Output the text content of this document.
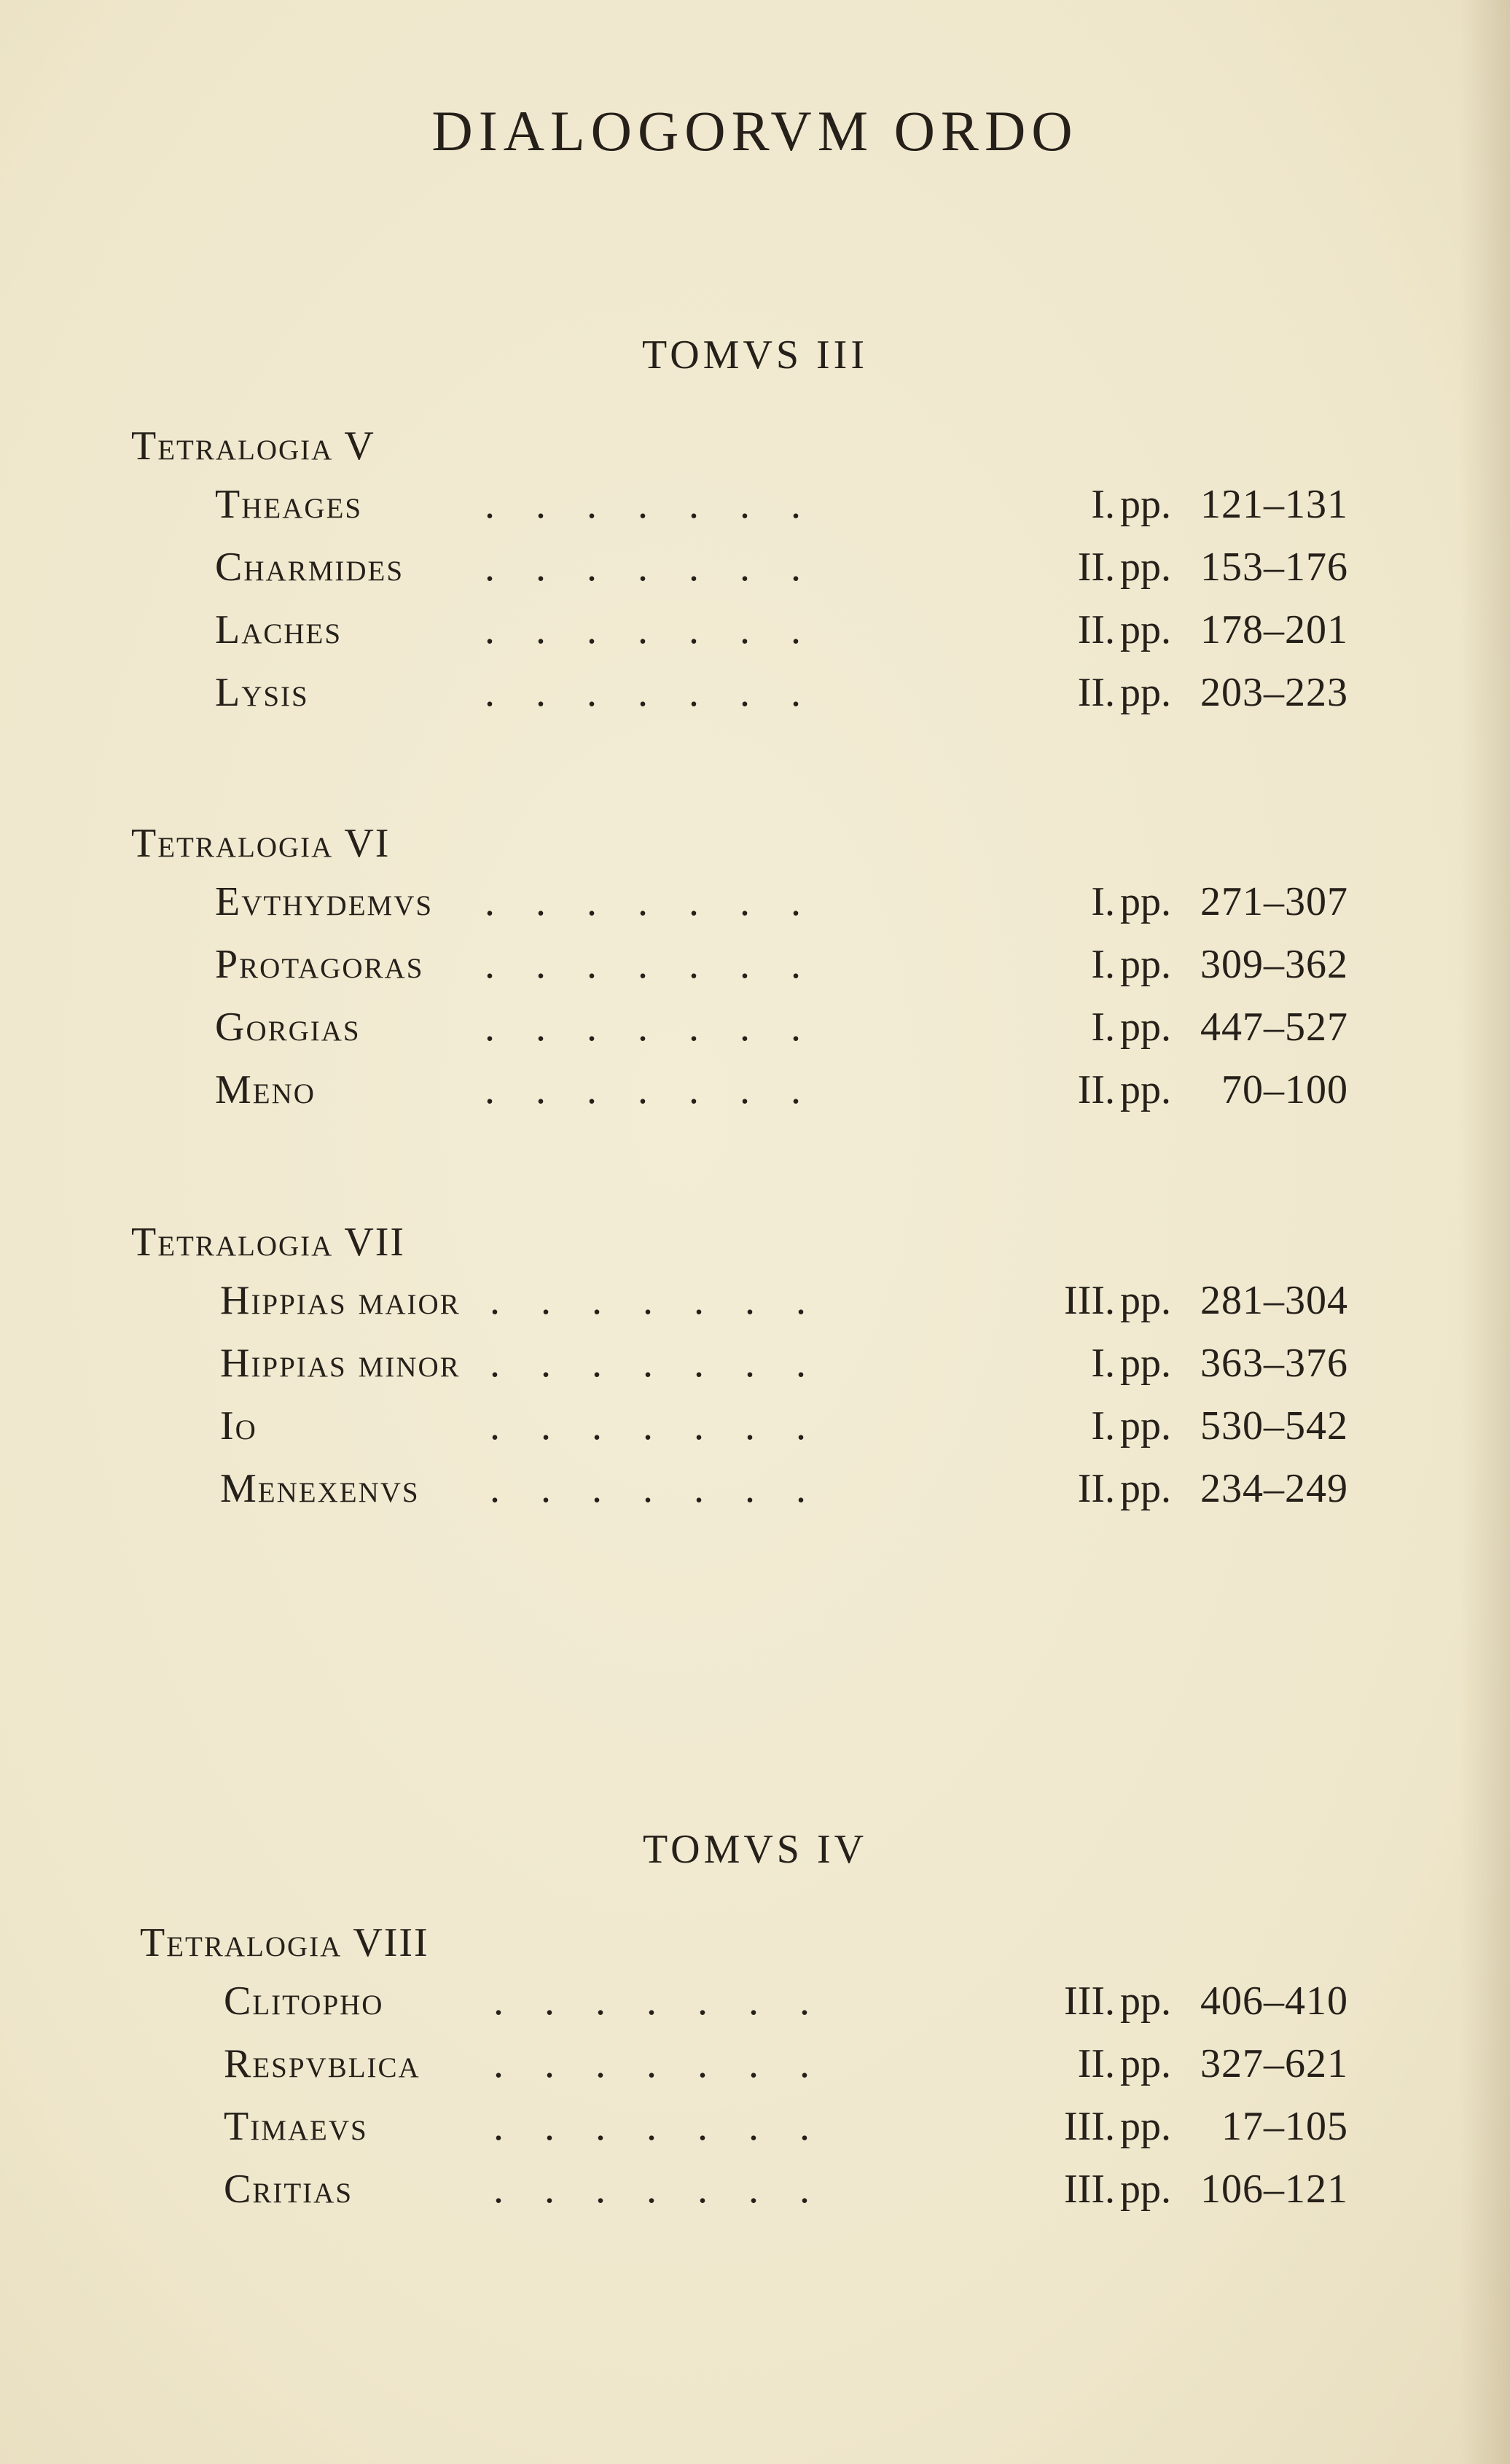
DIALOGORVM ORDO
TOMVS III
Tetralogia V
Tetralogia VI
Tetralogia VII
Tetralogia VIII
TOMVS IV
Theages	.    .    .    .    .    .    .	I. pp. 121–131
Charmides .    .    .    .    .    .    .	II. pp. 153–176
Laches	.    .    .    .    .    .    .	II. pp. 178–201
Lysis	.    .    .    .    .    .    .	II. pp. 203–223
Evthydemvs .    .    .    .    .    .    .	I. pp. 271–307
Protagoras .    .    .    .    .    .    .	I. pp. 309–362
Gorgias	.    .    .    .    .    .    .	I. pp. 447–527
Meno	.    .    .    .    .    .    .	II. pp. 70–100
Hippias maior .    .    .    .    .    .    .	III. pp. 281–304
Hippias minor .    .    .    .    .    .    .	I. pp. 363–376
Io	.    .    .    .    .    .    .	I. pp. 530–542
Menexenvs .    .    .    .    .    .    .	II. pp. 234–249
Clitopho	.    .    .    .    .    .    .	III. pp. 406–410
Respvblica .    .    .    .    .    .    .	II. pp. 327–621
Timaevs	.    .    .    .    .    .    .	III. pp. 17–105
Critias	.    .    .    .    .    .    .	III. pp. 106–121
